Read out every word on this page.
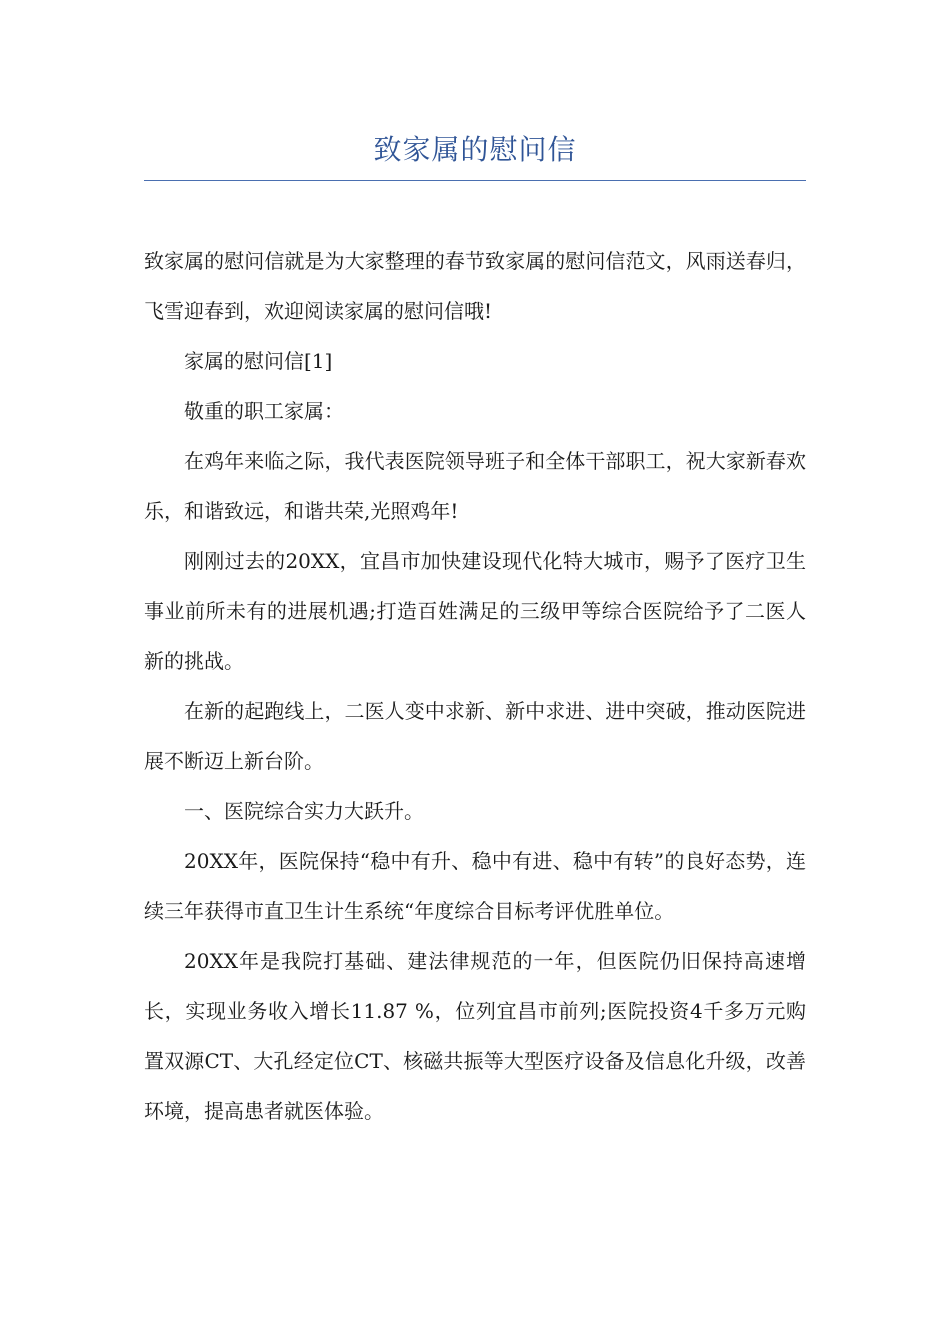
致家属的慰问信

致家属的慰问信就是为大家整理的春节致家属的慰问信范文，风雨送春归，飞雪迎春到，欢迎阅读家属的慰问信哦!

家属的慰问信[1]

敬重的职工家属：

在鸡年来临之际，我代表医院领导班子和全体干部职工，祝大家新春欢乐，和谐致远，和谐共荣,光照鸡年!

刚刚过去的20XX，宜昌市加快建设现代化特大城市，赐予了医疗卫生事业前所未有的进展机遇;打造百姓满足的三级甲等综合医院给予了二医人新的挑战。

在新的起跑线上，二医人变中求新、新中求进、进中突破，推动医院进展不断迈上新台阶。

一、医院综合实力大跃升。

20XX年，医院保持“稳中有升、稳中有进、稳中有转”的良好态势，连续三年获得市直卫生计生系统“年度综合目标考评优胜单位。

20XX年是我院打基础、建法律规范的一年，但医院仍旧保持高速增长，实现业务收入增长11.87 %，位列宜昌市前列;医院投资4千多万元购置双源CT、大孔经定位CT、核磁共振等大型医疗设备及信息化升级，改善环境，提高患者就医体验。
